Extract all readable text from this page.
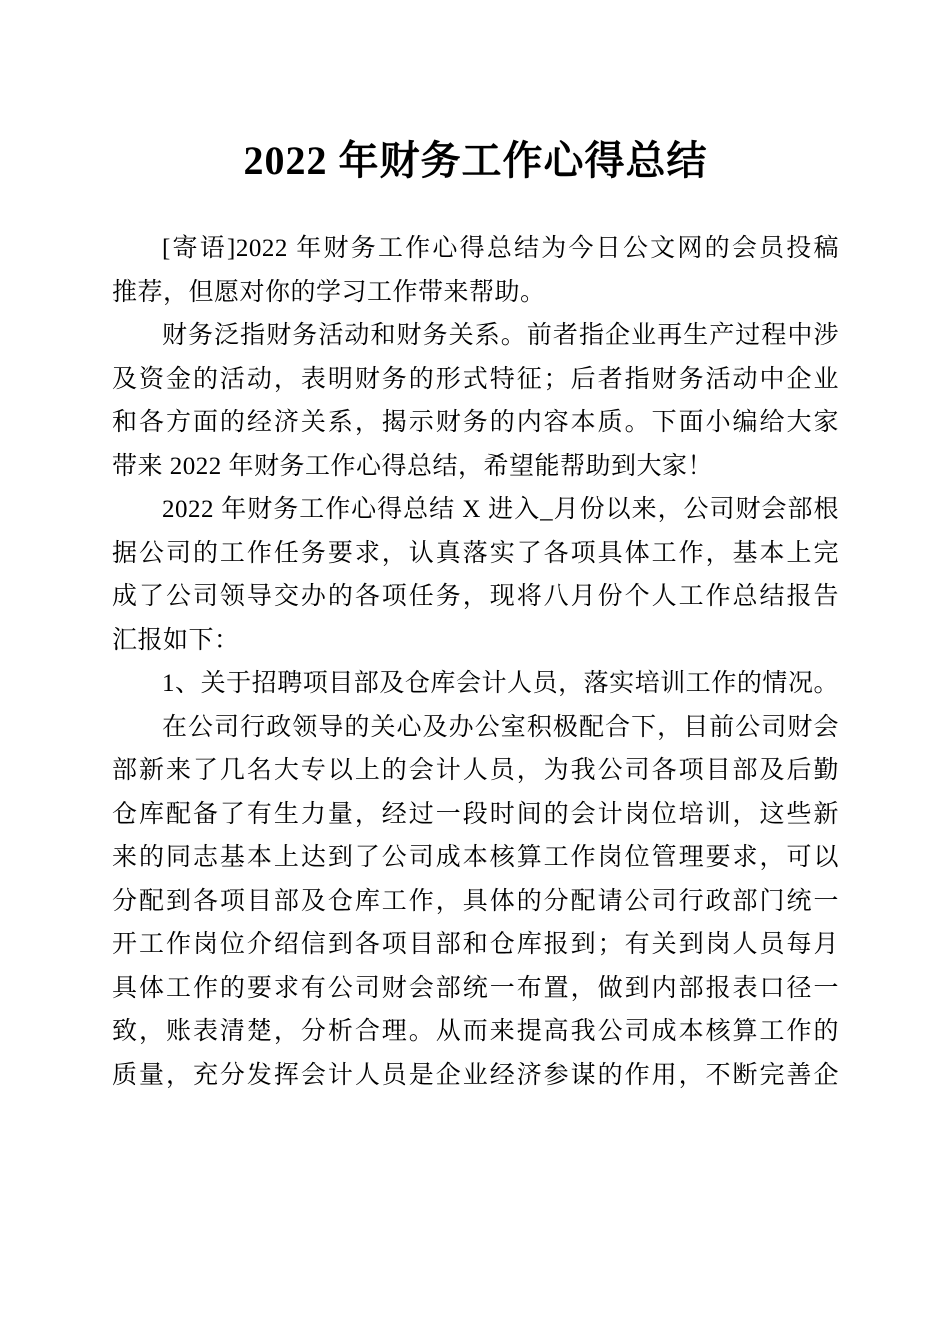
2022 年财务工作心得总结
[寄语]2022 年财务工作心得总结为今日公文网的会员投稿
推荐，但愿对你的学习工作带来帮助。
财务泛指财务活动和财务关系。前者指企业再生产过程中涉
及资金的活动，表明财务的形式特征；后者指财务活动中企业
和各方面的经济关系，揭示财务的内容本质。下面小编给大家
带来 2022 年财务工作心得总结，希望能帮助到大家！
2022 年财务工作心得总结 X 进入_月份以来，公司财会部根
据公司的工作任务要求，认真落实了各项具体工作，基本上完
成了公司领导交办的各项任务，现将八月份个人工作总结报告
汇报如下：
1、关于招聘项目部及仓库会计人员，落实培训工作的情况。
在公司行政领导的关心及办公室积极配合下，目前公司财会
部新来了几名大专以上的会计人员，为我公司各项目部及后勤
仓库配备了有生力量，经过一段时间的会计岗位培训，这些新
来的同志基本上达到了公司成本核算工作岗位管理要求，可以
分配到各项目部及仓库工作，具体的分配请公司行政部门统一
开工作岗位介绍信到各项目部和仓库报到；有关到岗人员每月
具体工作的要求有公司财会部统一布置，做到内部报表口径一
致，账表清楚，分析合理。从而来提高我公司成本核算工作的
质量，充分发挥会计人员是企业经济参谋的作用，不断完善企
